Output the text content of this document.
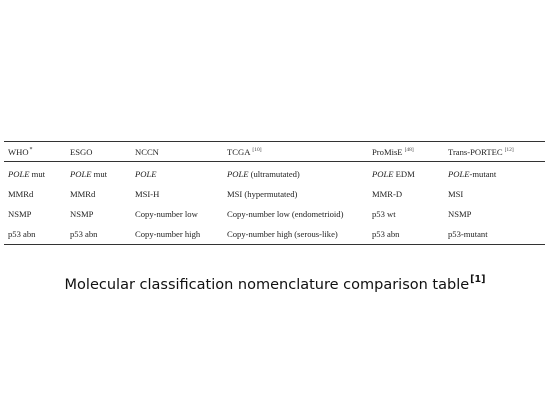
WHO*	ESGO	NCCN	TCGA [10]	ProMisE [48]	Trans-PORTEC [12]
POLE mut	POLE mut	POLE	POLE (ultramutated)	POLE EDM	POLE-mutant
MMRd	MMRd	MSI-H	MSI (hypermutated)	MMR-D	MSI
NSMP	NSMP	Copy-number low	Copy-number low (endometrioid)	p53 wt	NSMP
p53 abn	p53 abn	Copy-number high	Copy-number high (serous-like)	p53 abn	p53-mutant
Molecular classification nomenclature comparison table[1]
